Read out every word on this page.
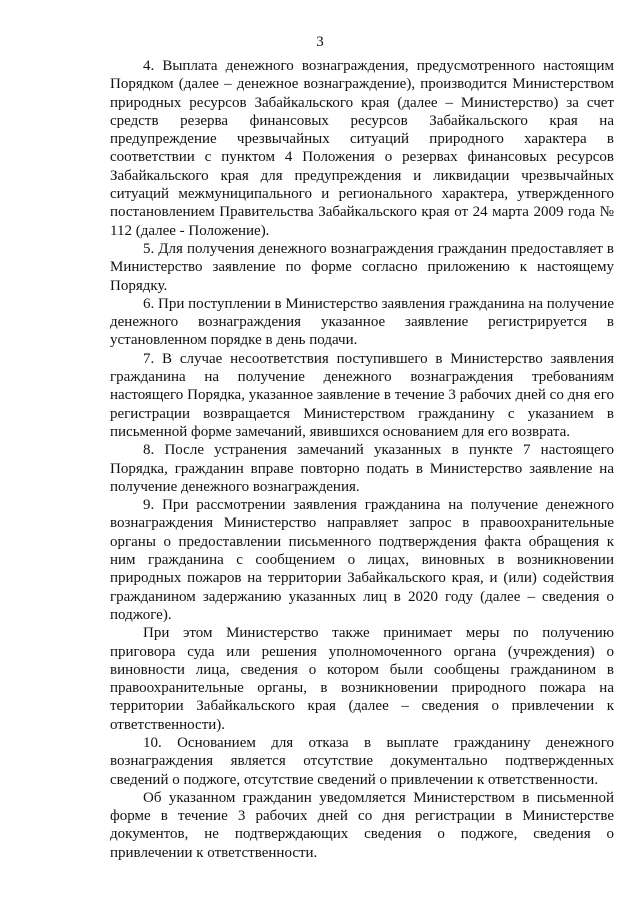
3

4. Выплата денежного вознаграждения, предусмотренного настоящим Порядком (далее – денежное вознаграждение), производится Министерством природных ресурсов Забайкальского края (далее – Министерство) за счет средств резерва финансовых ресурсов Забайкальского края на предупреждение чрезвычайных ситуаций природного характера в соответствии с пунктом 4 Положения о резервах финансовых ресурсов Забайкальского края для предупреждения и ликвидации чрезвычайных ситуаций межмуниципального и регионального характера, утвержденного постановлением Правительства Забайкальского края от 24 марта 2009 года № 112 (далее - Положение).

5. Для получения денежного вознаграждения гражданин предоставляет в Министерство заявление по форме согласно приложению к настоящему Порядку.

6. При поступлении в Министерство заявления гражданина на получение денежного вознаграждения указанное заявление регистрируется в установленном порядке в день подачи.

7. В случае несоответствия поступившего в Министерство заявления гражданина на получение денежного вознаграждения требованиям настоящего Порядка, указанное заявление в течение 3 рабочих дней со дня его регистрации возвращается Министерством гражданину с указанием в письменной форме замечаний, явившихся основанием для его возврата.

8. После устранения замечаний указанных в пункте 7 настоящего Порядка, гражданин вправе повторно подать в Министерство заявление на получение денежного вознаграждения.

9. При рассмотрении заявления гражданина на получение денежного вознаграждения Министерство направляет запрос в правоохранительные органы о предоставлении письменного подтверждения факта обращения к ним гражданина с сообщением о лицах, виновных в возникновении природных пожаров на территории Забайкальского края, и (или) содействия гражданином задержанию указанных лиц в 2020 году (далее – сведения о поджоге).

При этом Министерство также принимает меры по получению приговора суда или решения уполномоченного органа (учреждения) о виновности лица, сведения о котором были сообщены гражданином в правоохранительные органы, в возникновении природного пожара на территории Забайкальского края (далее – сведения о привлечении к ответственности).

10. Основанием для отказа в выплате гражданину денежного вознаграждения является отсутствие документально подтвержденных сведений о поджоге, отсутствие сведений о привлечении к ответственности.

Об указанном гражданин уведомляется Министерством в письменной форме в течение 3 рабочих дней со дня регистрации в Министерстве документов, не подтверждающих сведения о поджоге, сведения о привлечении к ответственности.
